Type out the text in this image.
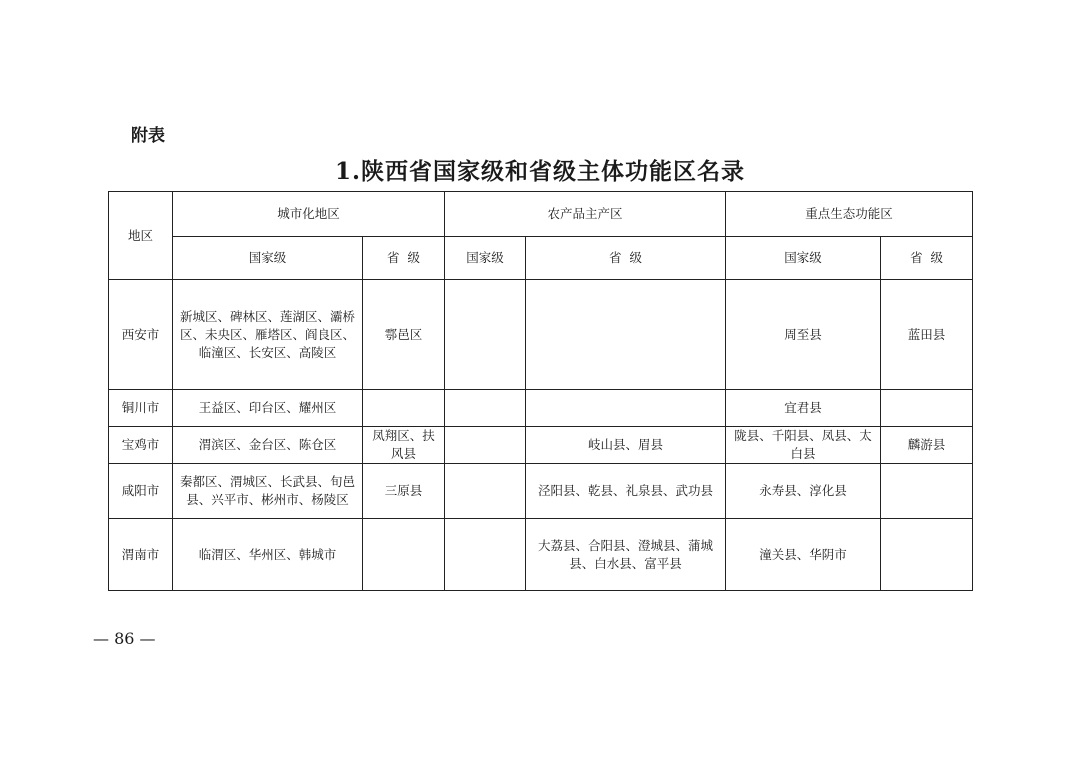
附表
1.陕西省国家级和省级主体功能区名录
地区	城市化地区		农产品主产区		重点生态功能区	
	国家级	省  级	国家级	省  级	国家级	省  级
西安市	新城区、碑林区、莲湖区、灞桥区、未央区、雁塔区、阎良区、临潼区、长安区、高陵区	鄠邑区			周至县	蓝田县
铜川市	王益区、印台区、耀州区				宜君县	
宝鸡市	渭滨区、金台区、陈仓区	凤翔区、扶风县		岐山县、眉县	陇县、千阳县、凤县、太白县	麟游县
咸阳市	秦都区、渭城区、长武县、旬邑县、兴平市、彬州市、杨陵区	三原县		泾阳县、乾县、礼泉县、武功县	永寿县、淳化县	
渭南市	临渭区、华州区、韩城市			大荔县、合阳县、澄城县、蒲城县、白水县、富平县	潼关县、华阴市	
— 86 —
